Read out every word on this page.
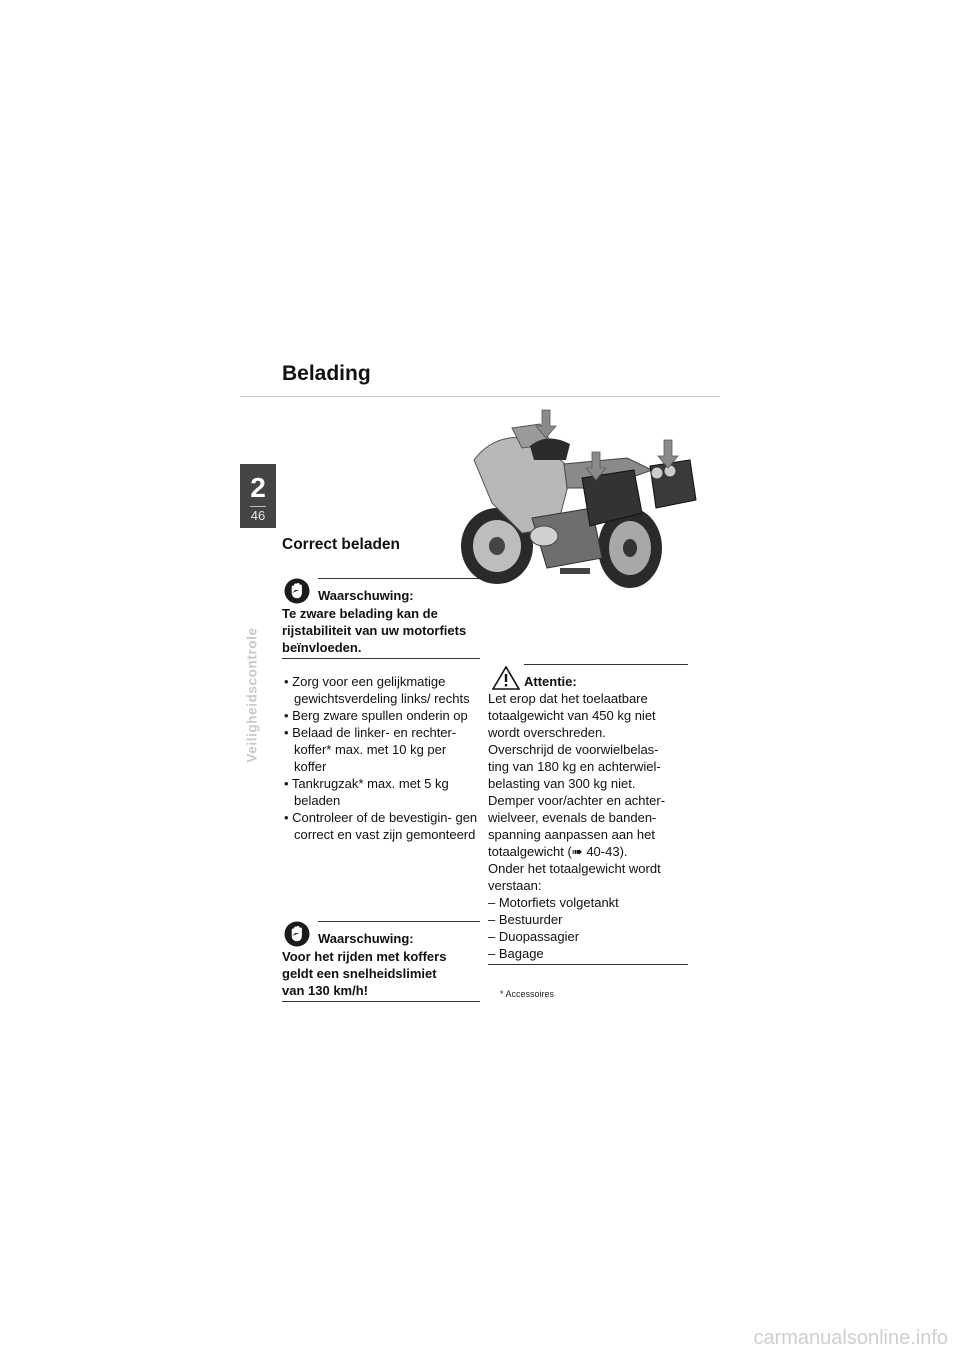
Belading
2
46
Veiligheidscontrole
Correct beladen
Waarschuwing:
Te zware belading kan de
rijstabiliteit van uw motorfiets
beïnvloeden.
• Zorg voor een gelijkmatige gewichtsverdeling links/ rechts
• Berg zware spullen onderin op
• Belaad de linker- en rechter- koffer* max. met 10 kg per koffer
• Tankrugzak* max. met 5 kg beladen
• Controleer of de bevestigin- gen correct en vast zijn gemonteerd
Waarschuwing:
Voor het rijden met koffers
geldt een snelheidslimiet
van 130 km/h!
Attentie:
Let erop dat het toelaatbare
totaalgewicht van 450 kg niet
wordt overschreden.
Overschrijd de voorwielbelas-
ting van 180 kg en achterwiel-
belasting van 300 kg niet.
Demper voor/achter en achter-
wielveer, evenals de banden-
spanning aanpassen aan het
totaalgewicht (➠ 40-43).
Onder het totaalgewicht wordt
verstaan:
– Motorfiets volgetankt
– Bestuurder
– Duopassagier
– Bagage
* Accessoires
carmanualsonline.info
